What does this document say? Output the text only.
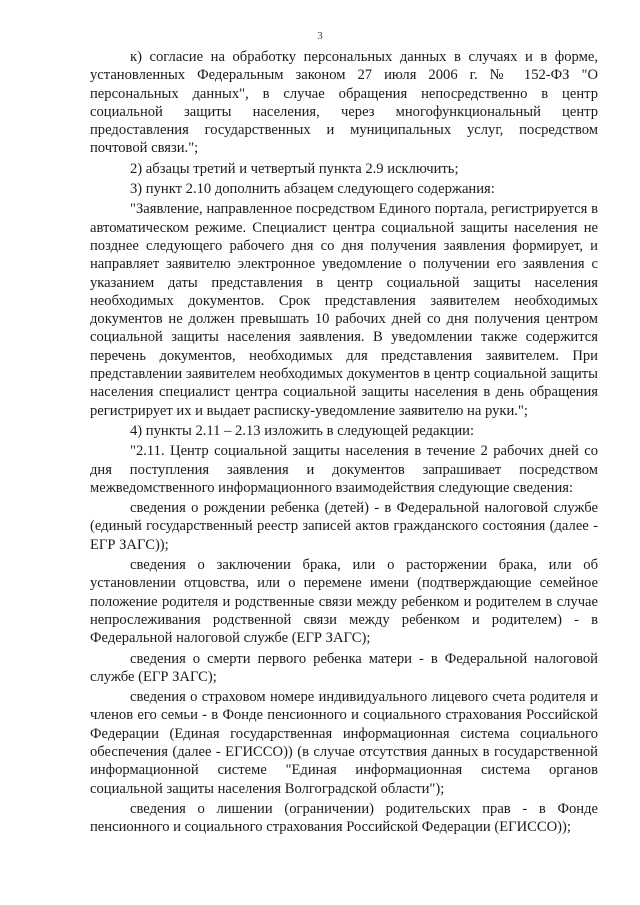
3

к) согласие на обработку персональных данных в случаях и в форме, установленных Федеральным законом 27 июля 2006 г. № 152-ФЗ "О персональных данных", в случае обращения непосредственно в центр социальной защиты населения, через многофункциональный центр предоставления государственных и муниципальных услуг, посредством почтовой связи.";

2) абзацы третий и четвертый пункта 2.9 исключить;

3) пункт 2.10 дополнить абзацем следующего содержания:

"Заявление, направленное посредством Единого портала, регистрируется в автоматическом режиме. Специалист центра социальной защиты населения не позднее следующего рабочего дня со дня получения заявления формирует, и направляет заявителю электронное уведомление о получении его заявления с указанием даты представления в центр социальной защиты населения необходимых документов. Срок представления заявителем необходимых документов не должен превышать 10 рабочих дней со дня получения центром социальной защиты населения заявления. В уведомлении также содержится перечень документов, необходимых для представления заявителем. При представлении заявителем необходимых документов в центр социальной защиты населения специалист центра социальной защиты населения в день обращения регистрирует их и выдает расписку-уведомление заявителю на руки.";

4) пункты 2.11 – 2.13 изложить в следующей редакции:

"2.11. Центр социальной защиты населения в течение 2 рабочих дней со дня поступления заявления и документов запрашивает посредством межведомственного информационного взаимодействия следующие сведения:

сведения о рождении ребенка (детей) - в Федеральной налоговой службе (единый государственный реестр записей актов гражданского состояния (далее - ЕГР ЗАГС));

сведения о заключении брака, или о расторжении брака, или об установлении отцовства, или о перемене имени (подтверждающие семейное положение родителя и родственные связи между ребенком и родителем в случае непрослеживания родственной связи между ребенком и родителем) - в Федеральной налоговой службе (ЕГР ЗАГС);

сведения о смерти первого ребенка матери - в Федеральной налоговой службе (ЕГР ЗАГС);

сведения о страховом номере индивидуального лицевого счета родителя и членов его семьи - в Фонде пенсионного и социального страхования Российской Федерации (Единая государственная информационная система социального обеспечения (далее - ЕГИССО)) (в случае отсутствия данных в государственной информационной системе "Единая информационная система органов социальной защиты населения Волгоградской области");

сведения о лишении (ограничении) родительских прав - в Фонде пенсионного и социального страхования Российской Федерации (ЕГИССО));
